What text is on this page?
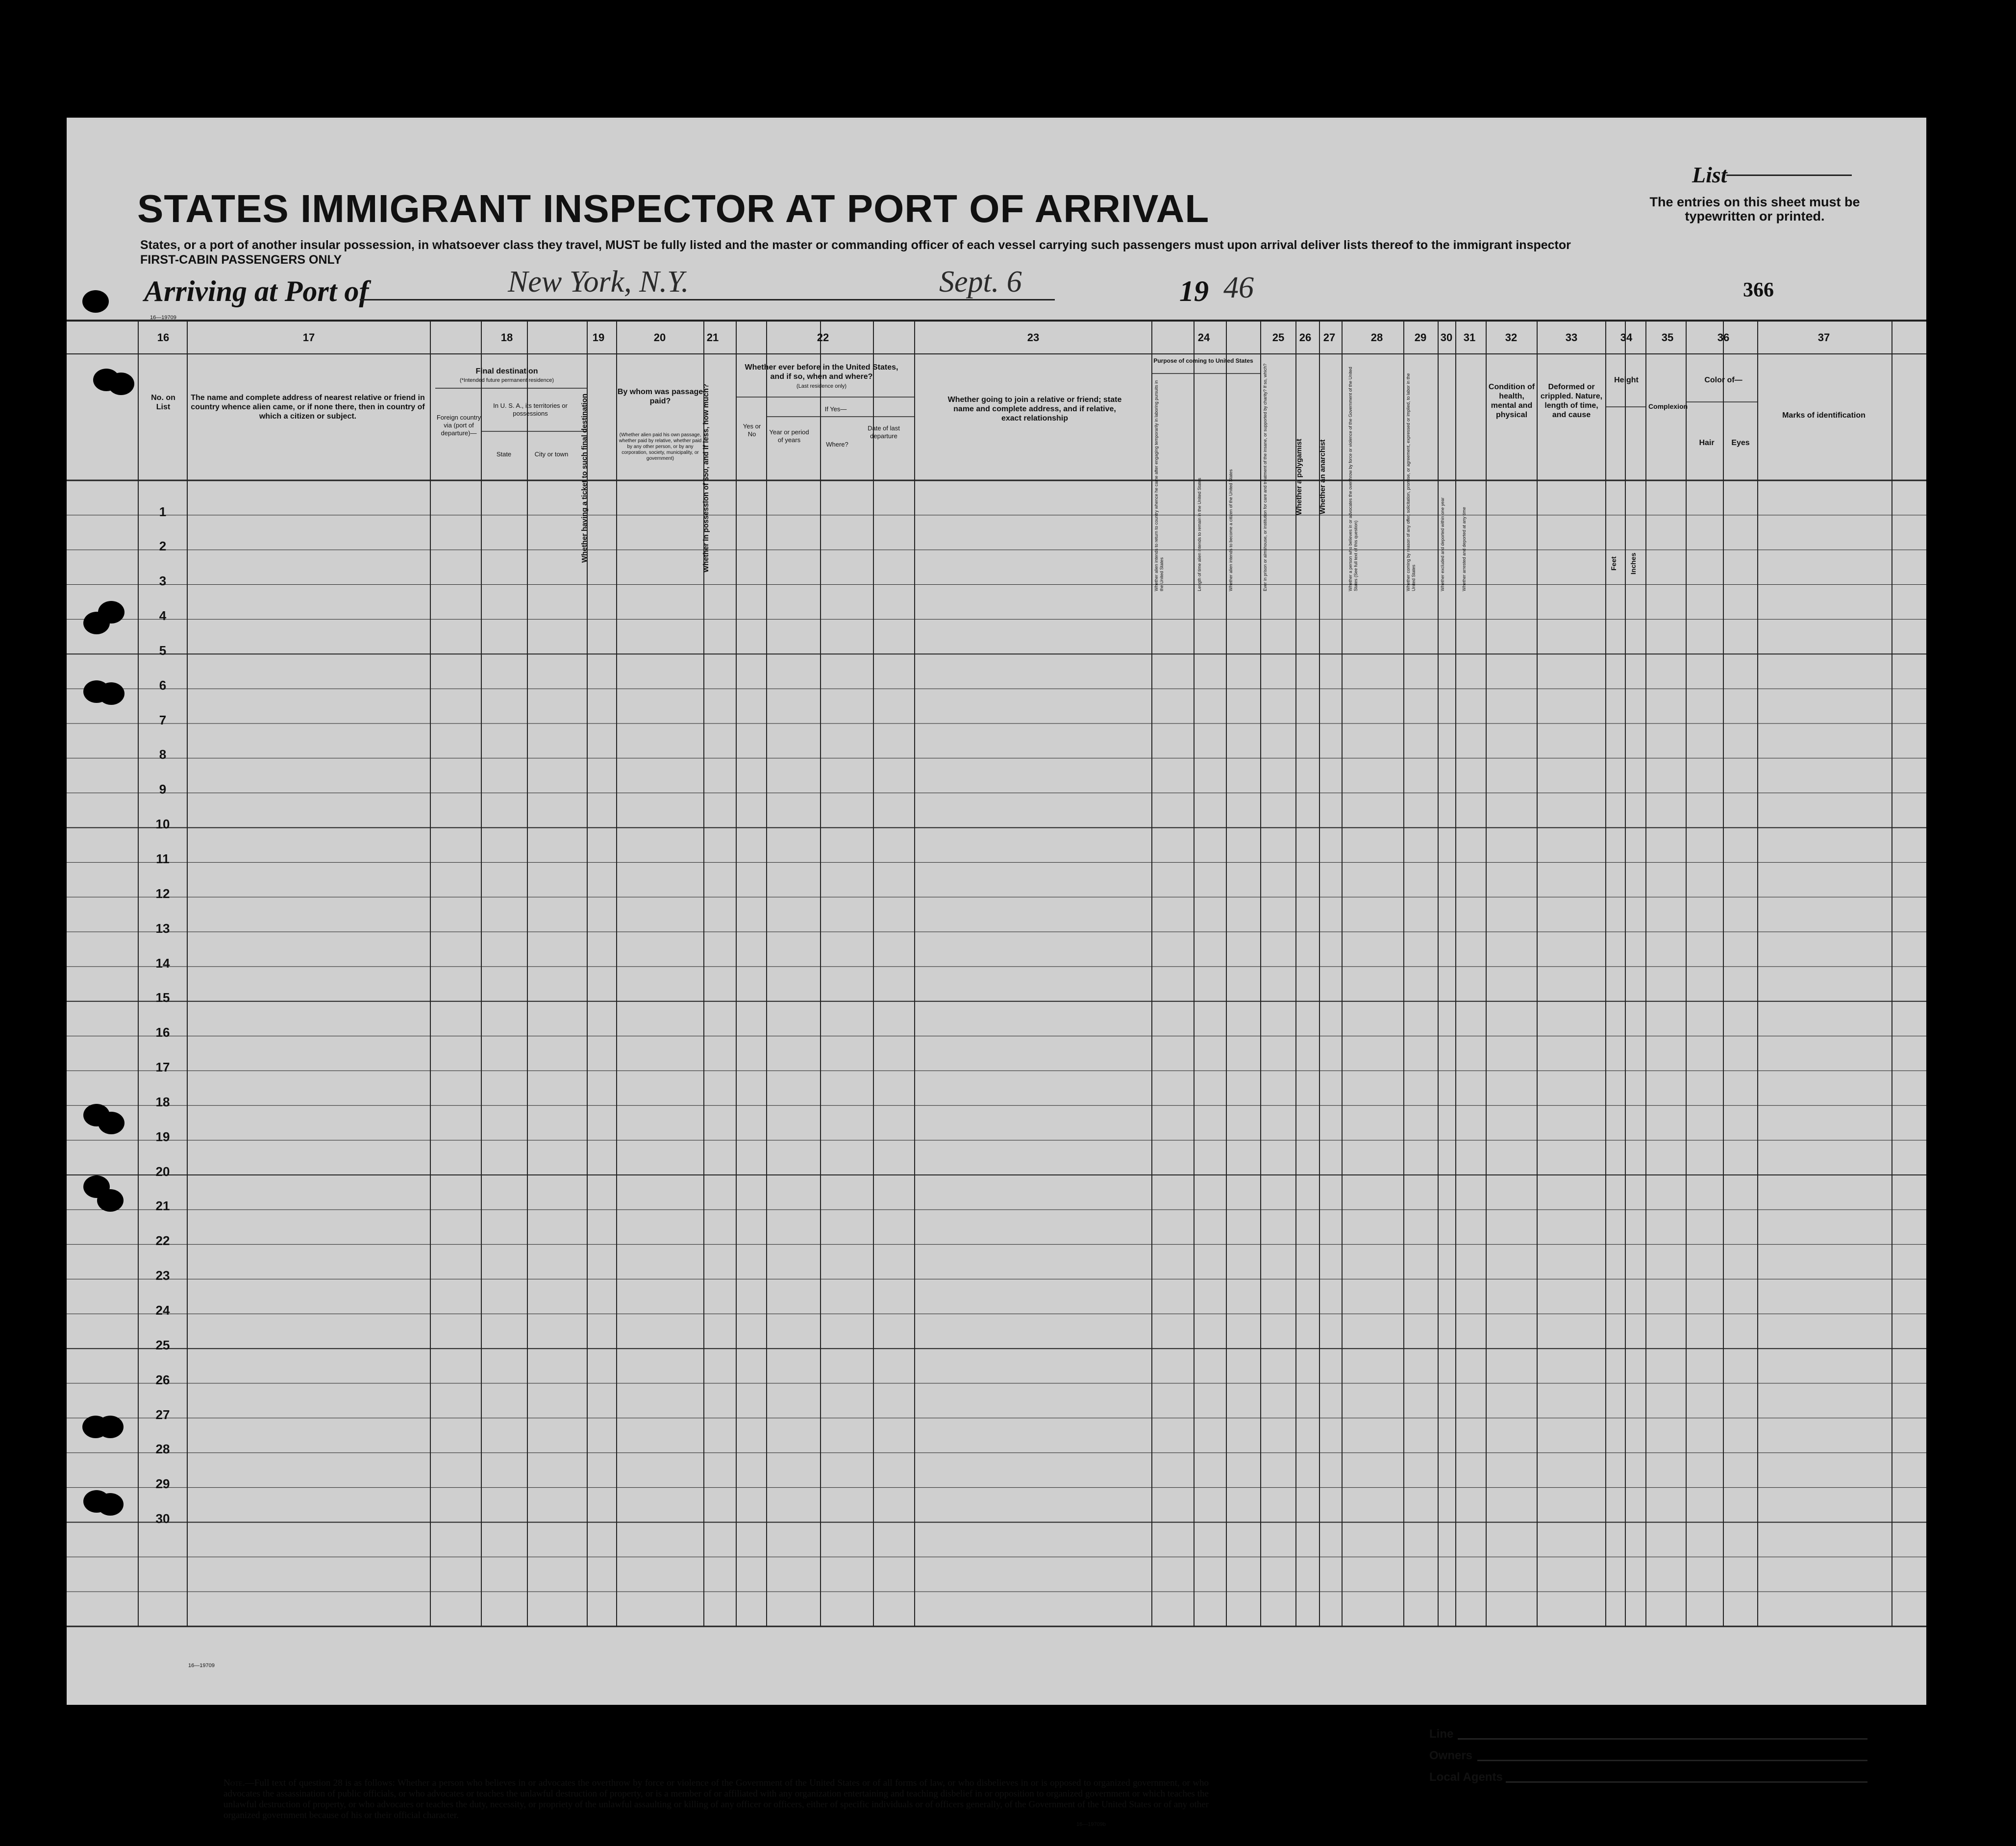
STATES IMMIGRANT INSPECTOR AT PORT OF ARRIVAL
States, or a port of another insular possession, in whatsoever class they travel, MUST be fully listed and the master or commanding officer of each vessel carrying such passengers must upon arrival deliver lists thereof to the immigrant inspector
FIRST-CABIN PASSENGERS ONLY
Arriving at Port of	New York, N.Y.	Sept. 6	19 46
List
The entries on this sheet must be typewritten or printed.
366
16—19709
16	17	18	19	20	21	22	23	24	25 26 27	28	29 30 31	32	33	34	35	36	37
No. on List
The name and complete address of nearest relative or friend in country whence alien came, or if none there, then in country of which a citizen or subject.
Final destination
(*Intended future permanent residence)
Foreign country via (port of departure)—
In U. S. A., its territories or possessions
State	City or town	Whether having a ticket to such final destination
By whom was passage paid?
(Whether alien paid his own passage, whether paid by relative, whether paid by any other person, or by any corporation, society, municipality, or government)	Whether in possession of $50, and if less, how much?
Whether ever before in the United States, and if so, when and where?
(Last residence only)
Yes or No
If Yes—
Year or period of years
Where?
Date of last departure
Whether going to join a relative or friend; state name and complete address, and if relative, exact relationship
Purpose of coming to United States
Whether alien intends to return to country whence he came after engaging temporarily in laboring pursuits in the United States	Length of time alien intends to remain in the United States	Whether alien intends to become a citizen of the United States	Ever in prison or almshouse, or institution for care and treatment of the insane, or supported by charity? If so, which?	Whether a polygamist	Whether an anarchist	Whether a person who believes in or advocates the overthrow by force or violence of the Government of the United States (See full text of this question)	Whether coming by reason of any offer, solicitation, promise, or agreement, expressed or implied, to labor in the United States	Whether excluded and deported within one year	Whether arrested and deported at any time
Condition of health, mental and physical
Deformed or crippled. Nature, length of time, and cause
Height
Feet	Inches
Complexion
Color of—
Hair	Eyes
Marks of identification
1
2
3
4
5
6
7
8
9
10
11
12
13
14
15
16
17
18
19
20
21
22
23
24
25
26
27
28
29
30
16—19709
Note.—Full text of question 28 is as follows: Whether a person who believes in or advocates the overthrow by force or violence of the Government of the United States or of all forms of law, or who disbelieves in or is opposed to organized government, or who advocates the assassination of public officials, or who advocates or teaches the unlawful destruction of property, or is a member of or affiliated with any organization entertaining and teaching disbelief in or opposition to organized government or which teaches the unlawful destruction of property, or who advocates or teaches the duty, necessity, or propriety of the unlawful assaulting or killing of any officer or officers, either of specific individuals or of officers generally, of the Government of the United States or of any other organized government because of his or their official character.
16—19709b
Line
Owners
Local Agents
